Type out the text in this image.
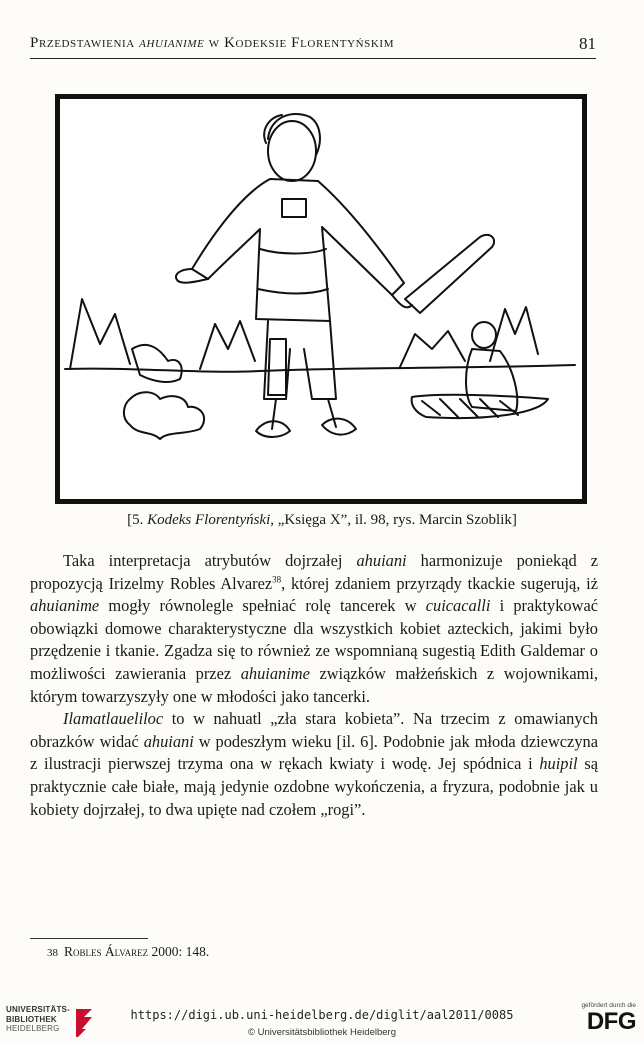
Przedstawienia ahuianime w Kodeksie Florentyńskim	81
[5. Kodeks Florentyński, „Księga X”, il. 98, rys. Marcin Szoblik]

Taka interpretacja atrybutów dojrzałej ahuiani harmonizuje poniekąd z propozycją Irizelmy Robles Alvarez$^{38}$, której zdaniem przyrządy tkackie sugerują, iż ahuianime mogły równolegle spełniać rolę tancerek w cuicacalli i praktykować obowiązki domowe charakterystyczne dla wszystkich kobiet azteckich, jakimi było przędzenie i tkanie. Zgadza się to również ze wspomnianą sugestią Edith Galdemar o możliwości zawierania przez ahuianime związków małżeńskich z wojownikami, którym towarzyszyły one w młodości jako tancerki.

Ilamatlaueliloc to w nahuatl „zła stara kobieta”. Na trzecim z omawianych obrazków widać ahuiani w podeszłym wieku [il. 6]. Podobnie jak młoda dziewczyna z ilustracji pierwszej trzyma ona w rękach kwiaty i wodę. Jej spódnica i huipil są praktycznie całe białe, mają jedynie ozdobne wykończenia, a fryzura, podobnie jak u kobiety dojrzałej, to dwa upięte nad czołem „rogi”.

38 Robles Álvarez 2000: 148.
UNIVERSITÄTS-
BIBLIOTHEK
HEIDELBERG
https://digi.ub.uni-heidelberg.de/diglit/aal2011/0085
© Universitätsbibliothek Heidelberg
gefördert durch die
DFG
